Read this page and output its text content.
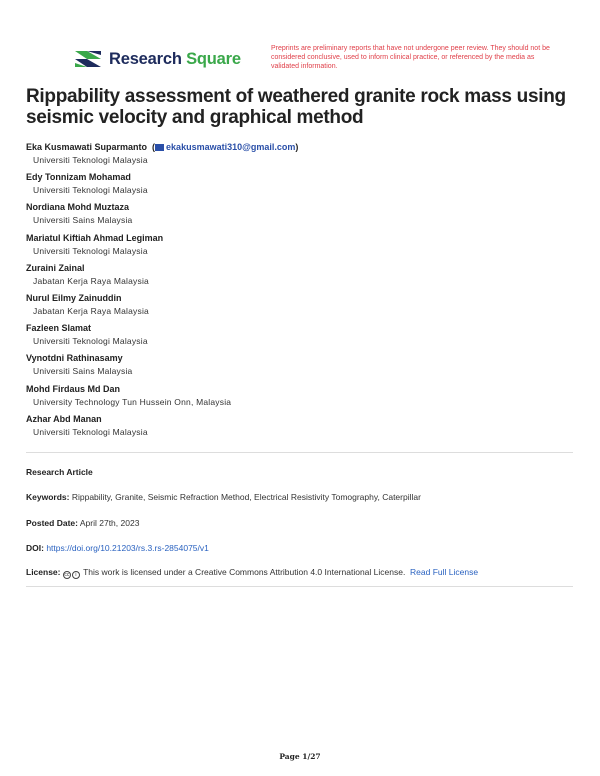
Research Square
Preprints are preliminary reports that have not undergone peer review. They should not be considered conclusive, used to inform clinical practice, or referenced by the media as validated information.
Rippability assessment of weathered granite rock mass using seismic velocity and graphical method
Eka Kusmawati Suparmanto  ( ekakusmawati310@gmail.com)
Universiti Teknologi Malaysia
Edy Tonnizam Mohamad
Universiti Teknologi Malaysia
Nordiana Mohd Muztaza
Universiti Sains Malaysia
Mariatul Kiftiah Ahmad Legiman
Universiti Teknologi Malaysia
Zuraini Zainal
Jabatan Kerja Raya Malaysia
Nurul Eilmy Zainuddin
Jabatan Kerja Raya Malaysia
Fazleen Slamat
Universiti Teknologi Malaysia
Vynotdni Rathinasamy
Universiti Sains Malaysia
Mohd Firdaus Md Dan
University Technology Tun Hussein Onn, Malaysia
Azhar Abd Manan
Universiti Teknologi Malaysia
Research Article
Keywords: Rippability, Granite, Seismic Refraction Method, Electrical Resistivity Tomography, Caterpillar
Posted Date: April 27th, 2023
DOI: https://doi.org/10.21203/rs.3.rs-2854075/v1
License: cc i This work is licensed under a Creative Commons Attribution 4.0 International License. Read Full License
Page 1/27
